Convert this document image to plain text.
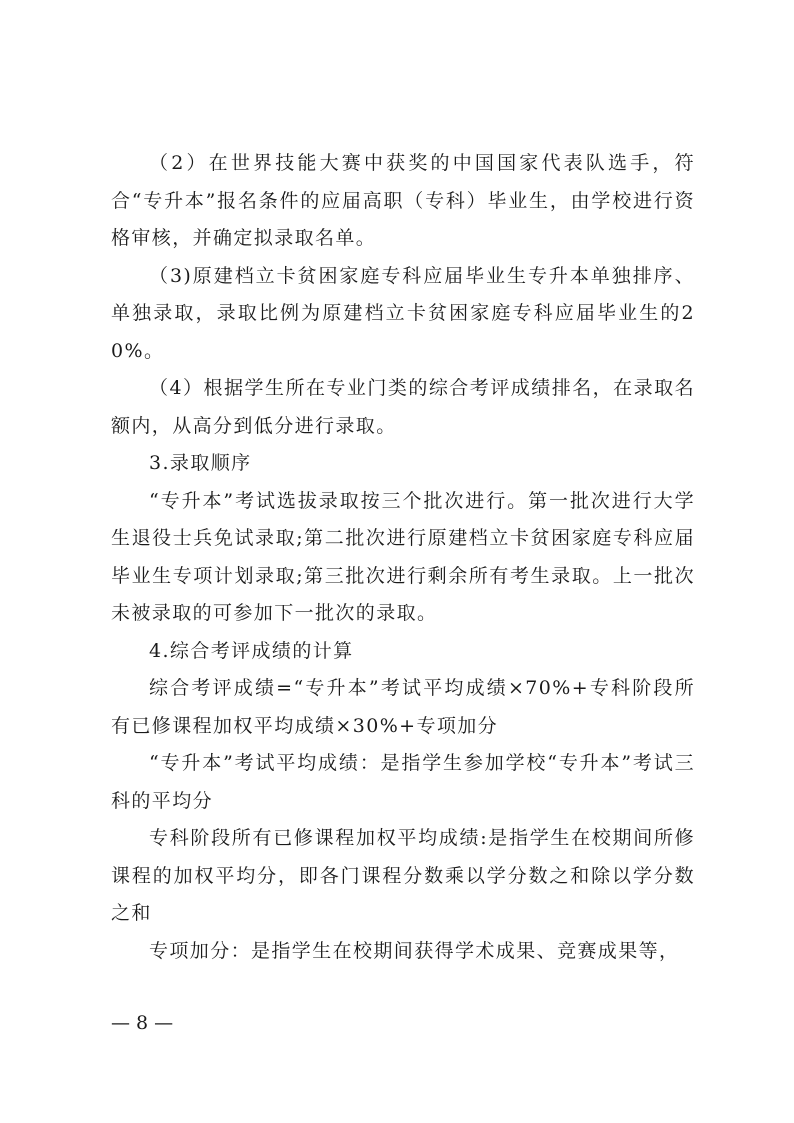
（2）在世界技能大赛中获奖的中国国家代表队选手，符合“专升本”报名条件的应届高职（专科）毕业生，由学校进行资格审核，并确定拟录取名单。

（3)原建档立卡贫困家庭专科应届毕业生专升本单独排序、单独录取，录取比例为原建档立卡贫困家庭专科应届毕业生的20%。

（4）根据学生所在专业门类的综合考评成绩排名，在录取名额内，从高分到低分进行录取。

3.录取顺序

“专升本”考试选拔录取按三个批次进行。第一批次进行大学生退役士兵免试录取;第二批次进行原建档立卡贫困家庭专科应届毕业生专项计划录取;第三批次进行剩余所有考生录取。上一批次未被录取的可参加下一批次的录取。

4.综合考评成绩的计算

综合考评成绩=“专升本”考试平均成绩×70%+专科阶段所有已修课程加权平均成绩×30%+专项加分

“专升本”考试平均成绩：是指学生参加学校“专升本”考试三科的平均分

专科阶段所有已修课程加权平均成绩:是指学生在校期间所修课程的加权平均分，即各门课程分数乘以学分数之和除以学分数之和

专项加分：是指学生在校期间获得学术成果、竞赛成果等，

— 8 —
